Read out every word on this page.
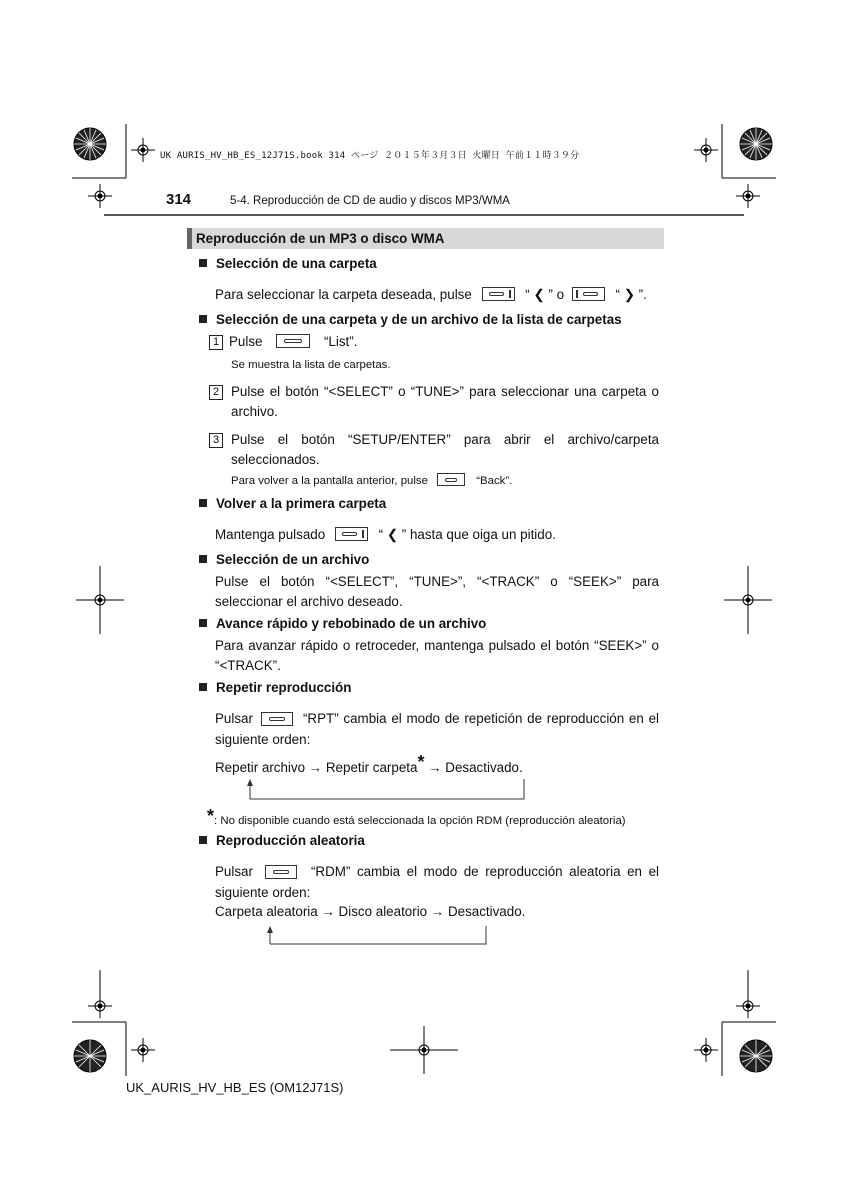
UK AURIS_HV_HB_ES_12J71S.book 314 ページ ２０１５年３月３日 火曜日 午前１１時３９分
314	5-4. Reproducción de CD de audio y discos MP3/WMA
Reproducción de un MP3 o disco WMA
Selección de una carpeta
Para seleccionar la carpeta deseada, pulse	“ ❮ ” o	“ ❯ ”.
Selección de una carpeta y de un archivo de la lista de carpetas
1 Pulse	“List”.
Se muestra la lista de carpetas.
2 Pulse el botón “<SELECT” o “TUNE>” para seleccionar una carpeta o archivo.
3 Pulse el botón “SETUP/ENTER” para abrir el archivo/carpeta seleccionados.
Para volver a la pantalla anterior, pulse	“Back”.
Volver a la primera carpeta
Mantenga pulsado	“ ❮ ” hasta que oiga un pitido.
Selección de un archivo
Pulse el botón “<SELECT”, “TUNE>”, “<TRACK” o “SEEK>” para seleccionar el archivo deseado.
Avance rápido y rebobinado de un archivo
Para avanzar rápido o retroceder, mantenga pulsado el botón “SEEK>” o “<TRACK”.
Repetir reproducción
Pulsar	“RPT” cambia el modo de repetición de reproducción en el
siguiente orden:
Repetir archivo → Repetir carpeta* → Desactivado.
*: No disponible cuando está seleccionada la opción RDM (reproducción aleatoria)
Reproducción aleatoria
Pulsar	“RDM” cambia el modo de reproducción aleatoria en el
siguiente orden:
Carpeta aleatoria → Disco aleatorio → Desactivado.
UK_AURIS_HV_HB_ES (OM12J71S)
